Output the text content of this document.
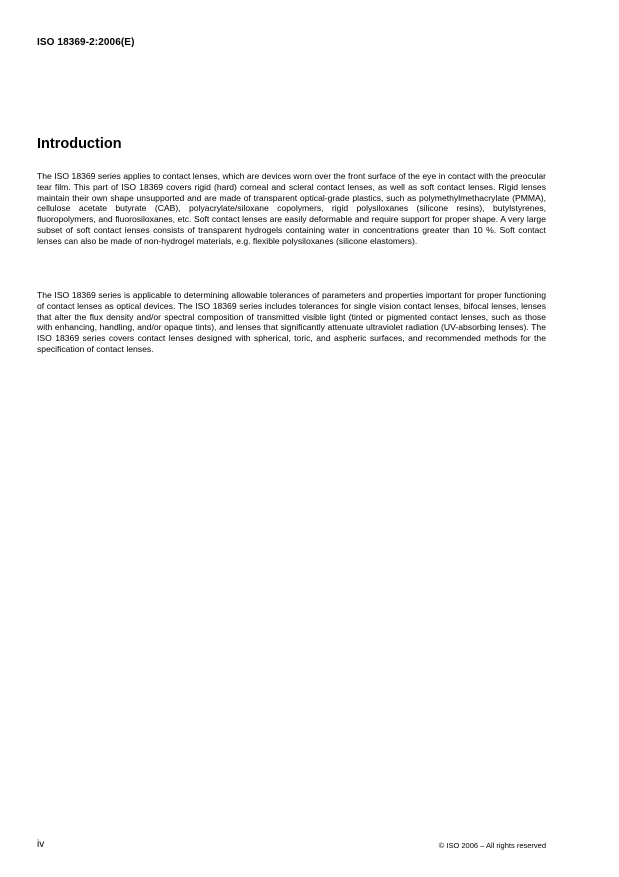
ISO 18369-2:2006(E)
Introduction

The ISO 18369 series applies to contact lenses, which are devices worn over the front surface of the eye in contact with the preocular tear film. This part of ISO 18369 covers rigid (hard) corneal and scleral contact lenses, as well as soft contact lenses. Rigid lenses maintain their own shape unsupported and are made of transparent optical-grade plastics, such as polymethylmethacrylate (PMMA), cellulose acetate butyrate (CAB), polyacrylate/siloxane copolymers, rigid polysiloxanes (silicone resins), butylstyrenes, fluoropolymers, and fluorosiloxanes, etc. Soft contact lenses are easily deformable and require support for proper shape. A very large subset of soft contact lenses consists of transparent hydrogels containing water in concentrations greater than 10 %. Soft contact lenses can also be made of non-hydrogel materials, e.g. flexible polysiloxanes (silicone elastomers).

The ISO 18369 series is applicable to determining allowable tolerances of parameters and properties important for proper functioning of contact lenses as optical devices. The ISO 18369 series includes tolerances for single vision contact lenses, bifocal lenses, lenses that alter the flux density and/or spectral composition of transmitted visible light (tinted or pigmented contact lenses, such as those with enhancing, handling, and/or opaque tints), and lenses that significantly attenuate ultraviolet radiation (UV-absorbing lenses). The ISO 18369 series covers contact lenses designed with spherical, toric, and aspheric surfaces, and recommended methods for the specification of contact lenses.

iv	© ISO 2006 – All rights reserved
